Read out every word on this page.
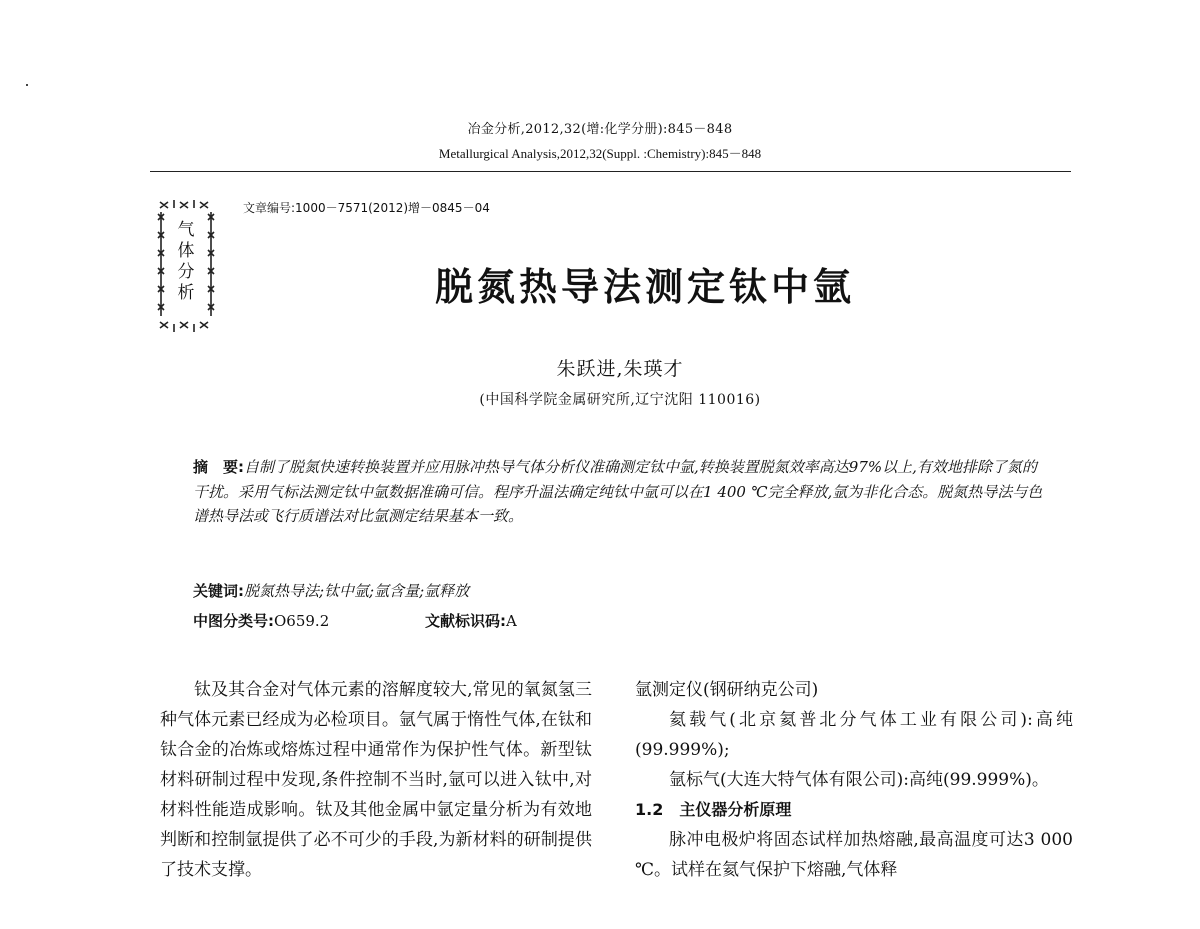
冶金分析,2012,32(增:化学分册):845－848
Metallurgical Analysis,2012,32(Suppl. :Chemistry):845－848
气体分析
文章编号:1000－7571(2012)增－0845－04
脱氮热导法测定钛中氩
朱跃进,朱瑛才
(中国科学院金属研究所,辽宁沈阳 110016)
摘　要:自制了脱氮快速转换装置并应用脉冲热导气体分析仪准确测定钛中氩,转换装置脱氮效率高达97%以上,有效地排除了氮的干扰。采用气标法测定钛中氩数据准确可信。程序升温法确定纯钛中氩可以在1 400 ℃完全释放,氩为非化合态。脱氮热导法与色谱热导法或飞行质谱法对比氩测定结果基本一致。
关键词:脱氮热导法;钛中氩;氩含量;氩释放
中图分类号:O659.2	文献标识码:A

钛及其合金对气体元素的溶解度较大,常见的氧氮氢三种气体元素已经成为必检项目。氩气属于惰性气体,在钛和钛合金的冶炼或熔炼过程中通常作为保护性气体。新型钛材料研制过程中发现,条件控制不当时,氩可以进入钛中,对材料性能造成影响。钛及其他金属中氩定量分析为有效地判断和控制氩提供了必不可少的手段,为新材料的研制提供了技术支撑。

氩测定仪(钢研纳克公司)

氦载气(北京氦普北分气体工业有限公司):高纯(99.999%);

氩标气(大连大特气体有限公司):高纯(99.999%)。

1.2　主仪器分析原理

脉冲电极炉将固态试样加热熔融,最高温度可达3 000 ℃。试样在氦气保护下熔融,气体释
